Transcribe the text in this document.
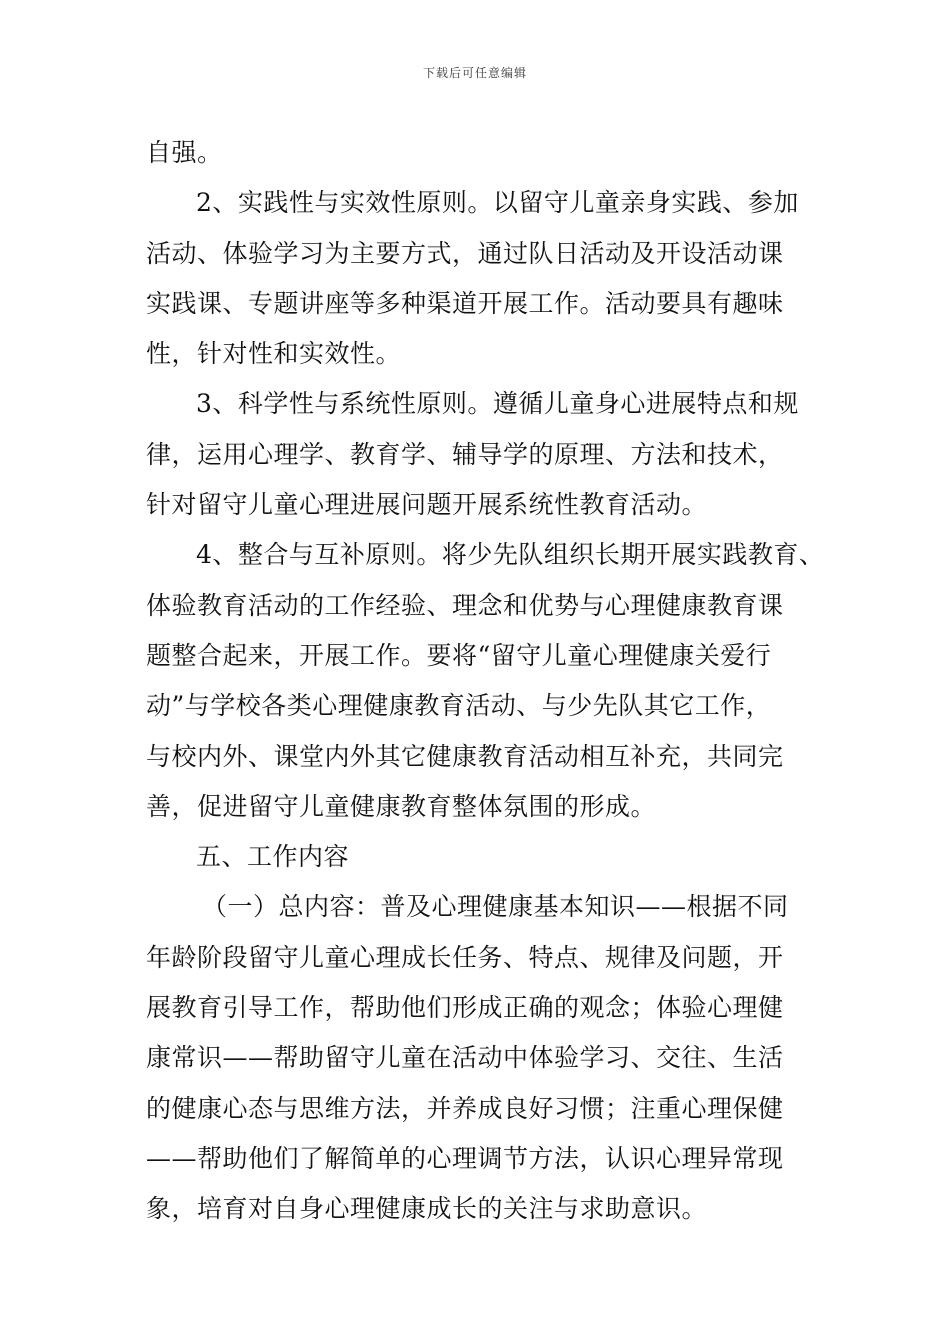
下载后可任意编辑
自强。
2、实践性与实效性原则。以留守儿童亲身实践、参加
活动、体验学习为主要方式，通过队日活动及开设活动课
实践课、专题讲座等多种渠道开展工作。活动要具有趣味
性，针对性和实效性。
3、科学性与系统性原则。遵循儿童身心进展特点和规
律，运用心理学、教育学、辅导学的原理、方法和技术，
针对留守儿童心理进展问题开展系统性教育活动。
4、整合与互补原则。将少先队组织长期开展实践教育、
体验教育活动的工作经验、理念和优势与心理健康教育课
题整合起来，开展工作。要将“留守儿童心理健康关爱行
动”与学校各类心理健康教育活动、与少先队其它工作，
与校内外、课堂内外其它健康教育活动相互补充，共同完
善，促进留守儿童健康教育整体氛围的形成。
五、工作内容
（一）总内容：普及心理健康基本知识——根据不同
年龄阶段留守儿童心理成长任务、特点、规律及问题，开
展教育引导工作，帮助他们形成正确的观念；体验心理健
康常识——帮助留守儿童在活动中体验学习、交往、生活
的健康心态与思维方法，并养成良好习惯；注重心理保健
——帮助他们了解简单的心理调节方法，认识心理异常现
象，培育对自身心理健康成长的关注与求助意识。
